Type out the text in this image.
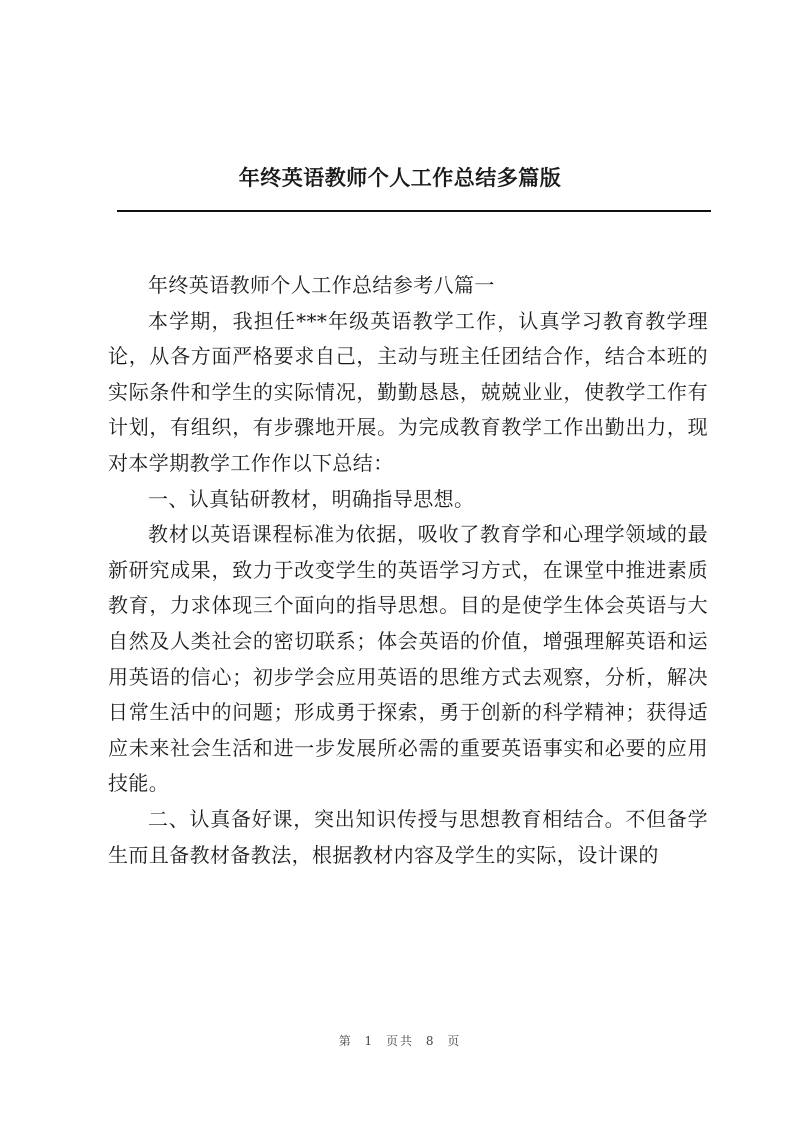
年终英语教师个人工作总结多篇版

年终英语教师个人工作总结参考八篇一

本学期，我担任***年级英语教学工作，认真学习教育教学理论，从各方面严格要求自己，主动与班主任团结合作，结合本班的实际条件和学生的实际情况，勤勤恳恳，兢兢业业，使教学工作有计划，有组织，有步骤地开展。为完成教育教学工作出勤出力，现对本学期教学工作作以下总结：

一、认真钻研教材，明确指导思想。

教材以英语课程标准为依据，吸收了教育学和心理学领域的最新研究成果，致力于改变学生的英语学习方式，在课堂中推进素质教育，力求体现三个面向的指导思想。目的是使学生体会英语与大自然及人类社会的密切联系；体会英语的价值，增强理解英语和运用英语的信心；初步学会应用英语的思维方式去观察，分析，解决日常生活中的问题；形成勇于探索，勇于创新的科学精神；获得适应未来社会生活和进一步发展所必需的重要英语事实和必要的应用技能。

二、认真备好课，突出知识传授与思想教育相结合。不但备学生而且备教材备教法，根据教材内容及学生的实际，设计课的

第 1 页共 8 页
